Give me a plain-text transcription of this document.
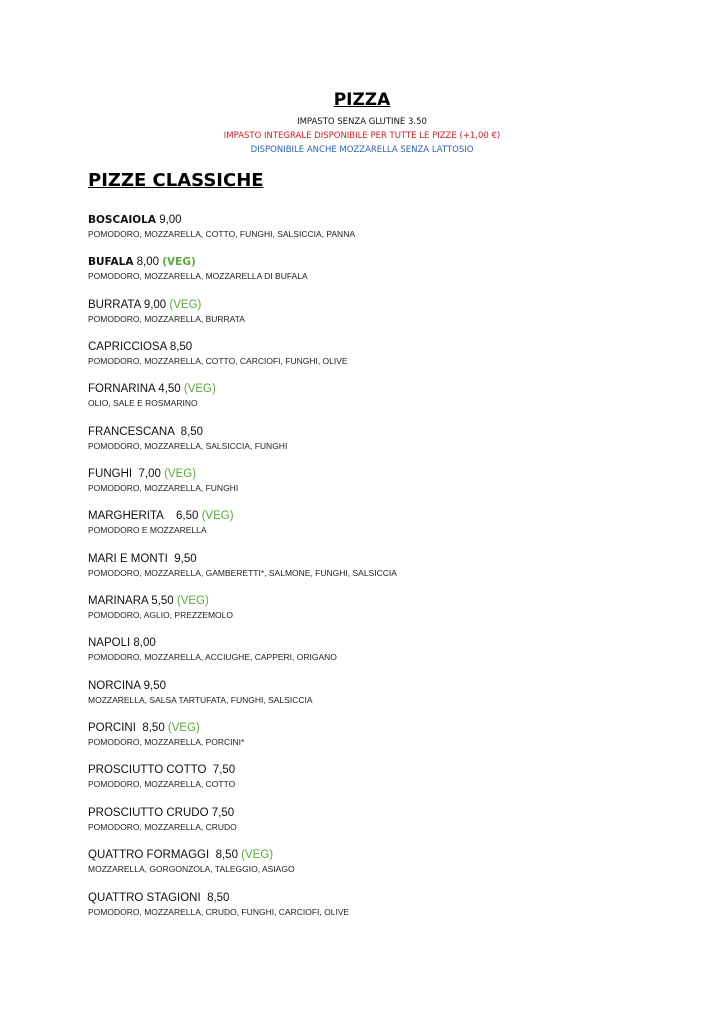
PIZZA
IMPASTO SENZA GLUTINE 3.50
IMPASTO INTEGRALE DISPONIBILE PER TUTTE LE PIZZE (+1,00 €)
DISPONIBILE ANCHE MOZZARELLA SENZA LATTOSIO
PIZZE CLASSICHE
BOSCAIOLA 9,00
POMODORO, MOZZARELLA, COTTO, FUNGHI, SALSICCIA, PANNA
BUFALA 8,00 (VEG)
POMODORO, MOZZARELLA, MOZZARELLA DI BUFALA
BURRATA 9,00 (VEG)
POMODORO, MOZZARELLA, BURRATA
CAPRICCIOSA 8,50
POMODORO, MOZZARELLA, COTTO, CARCIOFI, FUNGHI, OLIVE
FORNARINA 4,50 (VEG)
OLIO, SALE E ROSMARINO
FRANCESCANA  8,50
POMODORO, MOZZARELLA, SALSICCIA, FUNGHI
FUNGHI  7,00 (VEG)
POMODORO, MOZZARELLA, FUNGHI
MARGHERITA    6,50 (VEG)
POMODORO E MOZZARELLA
MARI E MONTI  9,50
POMODORO, MOZZARELLA, GAMBERETTI*, SALMONE, FUNGHI, SALSICCIA
MARINARA 5,50 (VEG)
POMODORO, AGLIO, PREZZEMOLO
NAPOLI 8,00
POMODORO, MOZZARELLA, ACCIUGHE, CAPPERI, ORIGANO
NORCINA 9,50
MOZZARELLA, SALSA TARTUFATA, FUNGHI, SALSICCIA
PORCINI  8,50 (VEG)
POMODORO, MOZZARELLA, PORCINI*
PROSCIUTTO COTTO  7,50
POMODORO, MOZZARELLA, COTTO
PROSCIUTTO CRUDO 7,50
POMODORO, MOZZARELLA, CRUDO
QUATTRO FORMAGGI  8,50 (VEG)
MOZZARELLA, GORGONZOLA, TALEGGIO, ASIAGO
QUATTRO STAGIONI  8,50
POMODORO, MOZZARELLA, CRUDO, FUNGHI, CARCIOFI, OLIVE
